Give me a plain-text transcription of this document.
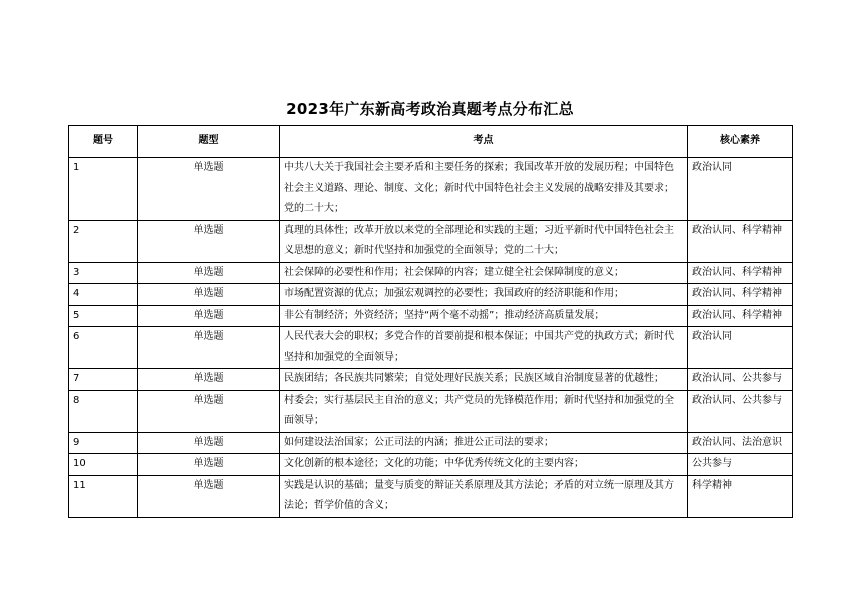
2023年广东新高考政治真题考点分布汇总
题号	题型	考点	核心素养
1	单选题	中共八大关于我国社会主要矛盾和主要任务的探索；我国改革开放的发展历程；中国特色社会主义道路、理论、制度、文化；新时代中国特色社会主义发展的战略安排及其要求；党的二十大；	政治认同
2	单选题	真理的具体性；改革开放以来党的全部理论和实践的主题；习近平新时代中国特色社会主义思想的意义；新时代坚持和加强党的全面领导；党的二十大；	政治认同、科学精神
3	单选题	社会保障的必要性和作用；社会保障的内容；建立健全社会保障制度的意义；	政治认同、科学精神
4	单选题	市场配置资源的优点；加强宏观调控的必要性；我国政府的经济职能和作用；	政治认同、科学精神
5	单选题	非公有制经济；外资经济；坚持“两个毫不动摇”；推动经济高质量发展；	政治认同、科学精神
6	单选题	人民代表大会的职权；多党合作的首要前提和根本保证；中国共产党的执政方式；新时代坚持和加强党的全面领导；	政治认同
7	单选题	民族团结；各民族共同繁荣；自觉处理好民族关系；民族区域自治制度显著的优越性；	政治认同、公共参与
8	单选题	村委会；实行基层民主自治的意义；共产党员的先锋模范作用；新时代坚持和加强党的全面领导；	政治认同、公共参与
9	单选题	如何建设法治国家；公正司法的内涵；推进公正司法的要求；	政治认同、法治意识
10	单选题	文化创新的根本途径；文化的功能；中华优秀传统文化的主要内容；	公共参与
11	单选题	实践是认识的基础；量变与质变的辩证关系原理及其方法论；矛盾的对立统一原理及其方法论；哲学价值的含义；	科学精神
